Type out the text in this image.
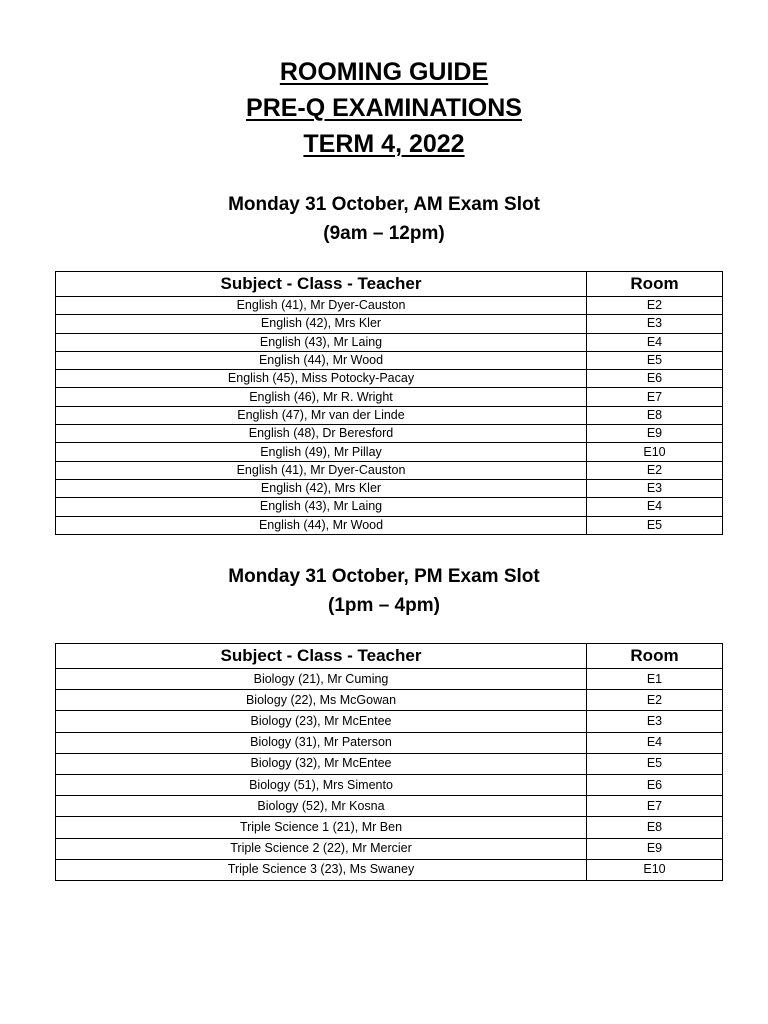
ROOMING GUIDE
PRE-Q EXAMINATIONS
TERM 4, 2022
Monday 31 October, AM Exam Slot
(9am – 12pm)
Subject - Class - Teacher	Room
English (41), Mr Dyer-Causton	E2
English (42), Mrs Kler	E3
English (43), Mr Laing	E4
English (44), Mr Wood	E5
English (45), Miss Potocky-Pacay	E6
English (46), Mr R. Wright	E7
English (47), Mr van der Linde	E8
English (48), Dr Beresford	E9
English (49), Mr Pillay	E10
English (41), Mr Dyer-Causton	E2
English (42), Mrs Kler	E3
English (43), Mr Laing	E4
English (44), Mr Wood	E5
Monday 31 October, PM Exam Slot
(1pm – 4pm)
Subject - Class - Teacher	Room
Biology (21), Mr Cuming	E1
Biology (22), Ms McGowan	E2
Biology (23), Mr McEntee	E3
Biology (31), Mr Paterson	E4
Biology (32), Mr McEntee	E5
Biology (51), Mrs Simento	E6
Biology (52), Mr Kosna	E7
Triple Science 1 (21), Mr Ben	E8
Triple Science 2 (22), Mr Mercier	E9
Triple Science 3 (23), Ms Swaney	E10
